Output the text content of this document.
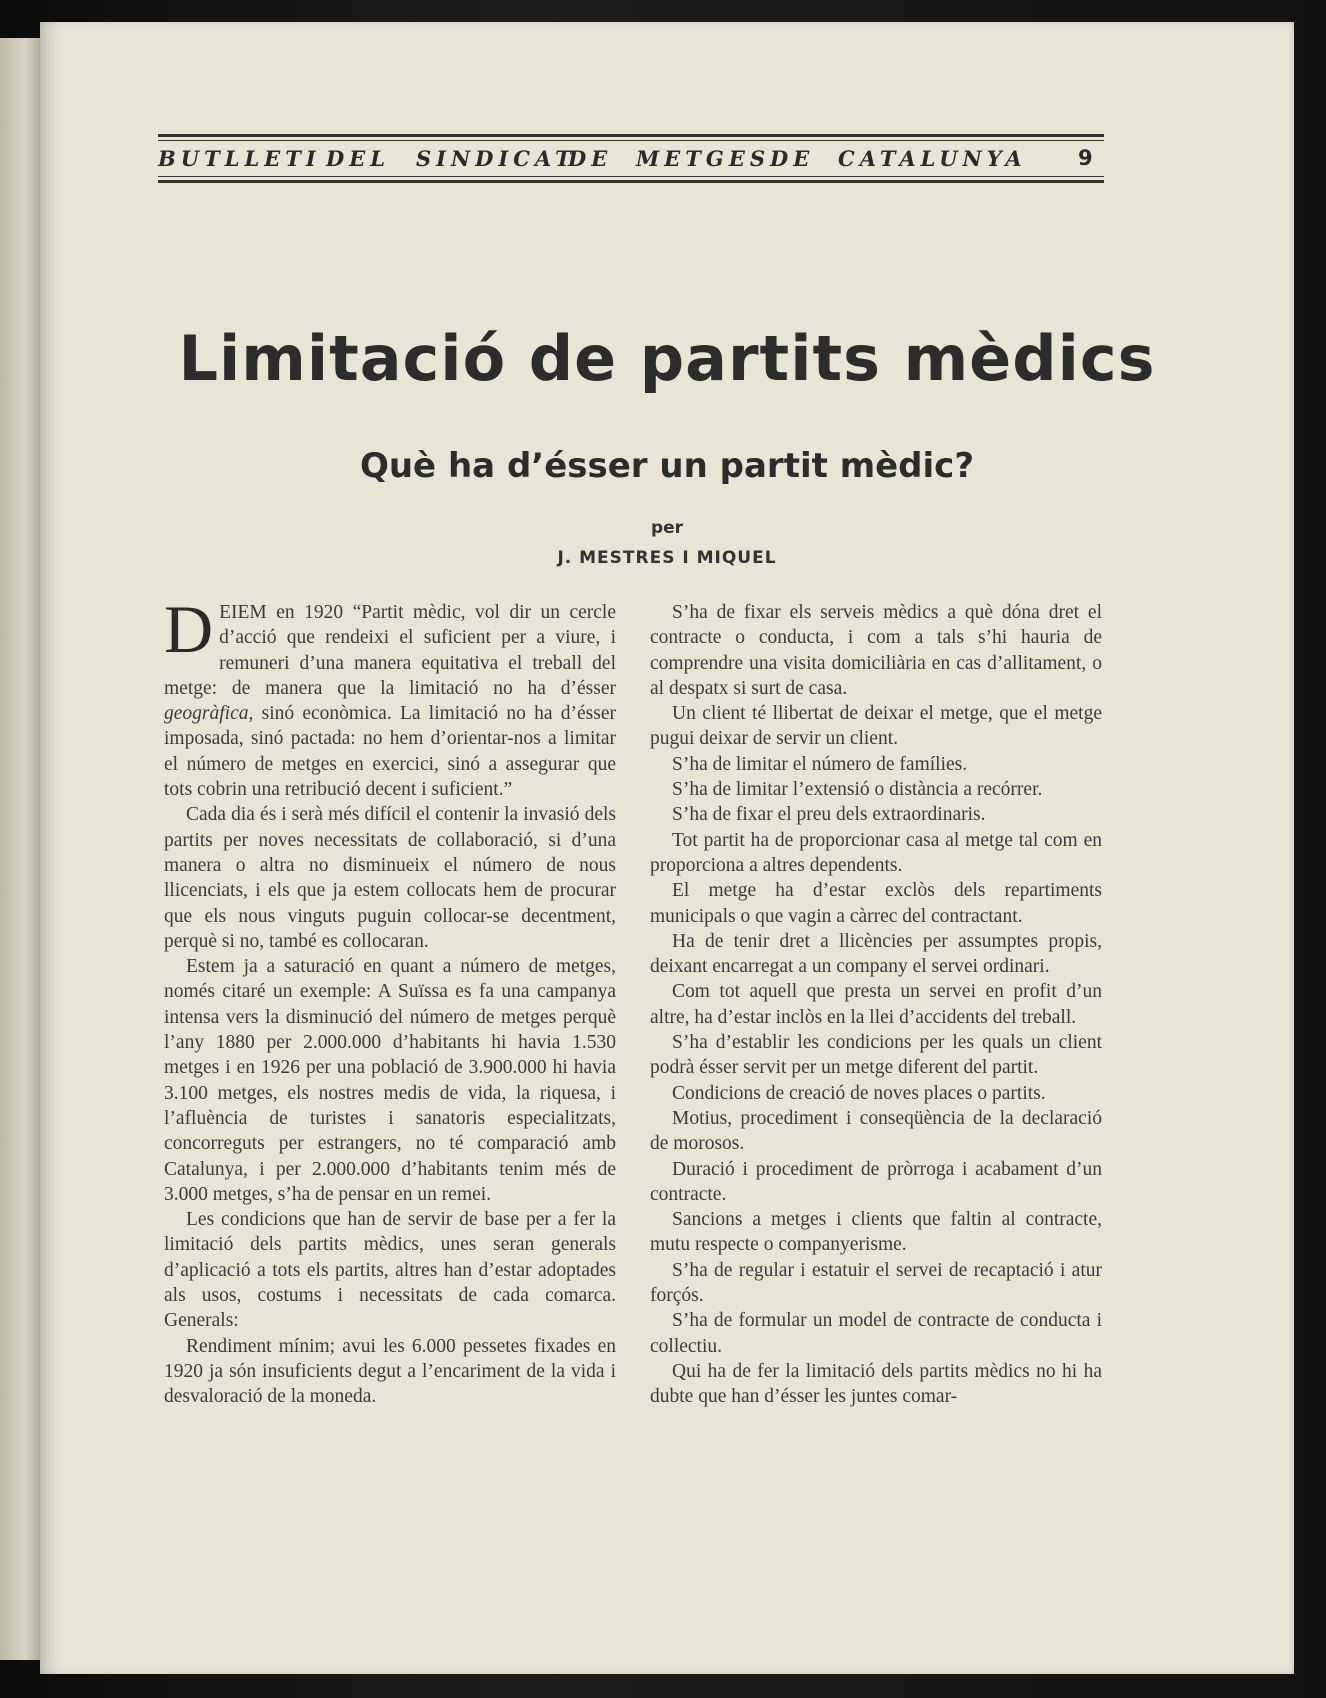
BUTLLETI DEL SINDICAT
DE METGES DE CATALUNYA 9
Limitació de partits mèdics
Què ha d’ésser un partit mèdic?
per
J. MESTRES I MIQUEL

DEIEM en 1920 “Partit mèdic, vol dir un cercle d’acció que rendeixi el suficient per a viure, i remuneri d’una manera equitativa el treball del metge: de manera que la limitació no ha d’ésser geogràfica, sinó econòmica. La limitació no ha d’ésser imposada, sinó pactada: no hem d’orientar-nos a limitar el número de metges en exercici, sinó a assegurar que tots cobrin una retribució decent i suficient.”

Cada dia és i serà més difícil el contenir la invasió dels partits per noves necessitats de collaboració, si d’una manera o altra no disminueix el número de nous llicenciats, i els que ja estem collocats hem de procurar que els nous vinguts puguin collocar-se decentment, perquè si no, també es collocaran.

Estem ja a saturació en quant a número de metges, només citaré un exemple: A Suïssa es fa una campanya intensa vers la disminució del número de metges perquè l’any 1880 per 2.000.000 d’habitants hi havia 1.530 metges i en 1926 per una població de 3.900.000 hi havia 3.100 metges, els nostres medis de vida, la riquesa, i l’afluència de turistes i sanatoris especialitzats, concorreguts per estrangers, no té comparació amb Catalunya, i per 2.000.000 d’habitants tenim més de 3.000 metges, s’ha de pensar en un remei.

Les condicions que han de servir de base per a fer la limitació dels partits mèdics, unes seran generals d’aplicació a tots els partits, altres han d’estar adoptades als usos, costums i necessitats de cada comarca. Generals:

Rendiment mínim; avui les 6.000 pessetes fixades en 1920 ja són insuficients degut a l’encariment de la vida i desvaloració de la moneda.

S’ha de fixar els serveis mèdics a què dóna dret el contracte o conducta, i com a tals s’hi hauria de comprendre una visita domiciliària en cas d’allitament, o al despatx si surt de casa.

Un client té llibertat de deixar el metge, que el metge pugui deixar de servir un client.

S’ha de limitar el número de famílies.

S’ha de limitar l’extensió o distància a recórrer.

S’ha de fixar el preu dels extraordinaris.

Tot partit ha de proporcionar casa al metge tal com en proporciona a altres dependents.

El metge ha d’estar exclòs dels repartiments municipals o que vagin a càrrec del contractant.

Ha de tenir dret a llicències per assumptes propis, deixant encarregat a un company el servei ordinari.

Com tot aquell que presta un servei en profit d’un altre, ha d’estar inclòs en la llei d’accidents del treball.

S’ha d’establir les condicions per les quals un client podrà ésser servit per un metge diferent del partit.

Condicions de creació de noves places o partits.

Motius, procediment i conseqüència de la declaració de morosos.

Duració i procediment de pròrroga i acabament d’un contracte.

Sancions a metges i clients que faltin al contracte, mutu respecte o companyerisme.

S’ha de regular i estatuir el servei de recaptació i atur forçós.

S’ha de formular un model de contracte de conducta i collectiu.

Qui ha de fer la limitació dels partits mèdics no hi ha dubte que han d’ésser les juntes comar-
